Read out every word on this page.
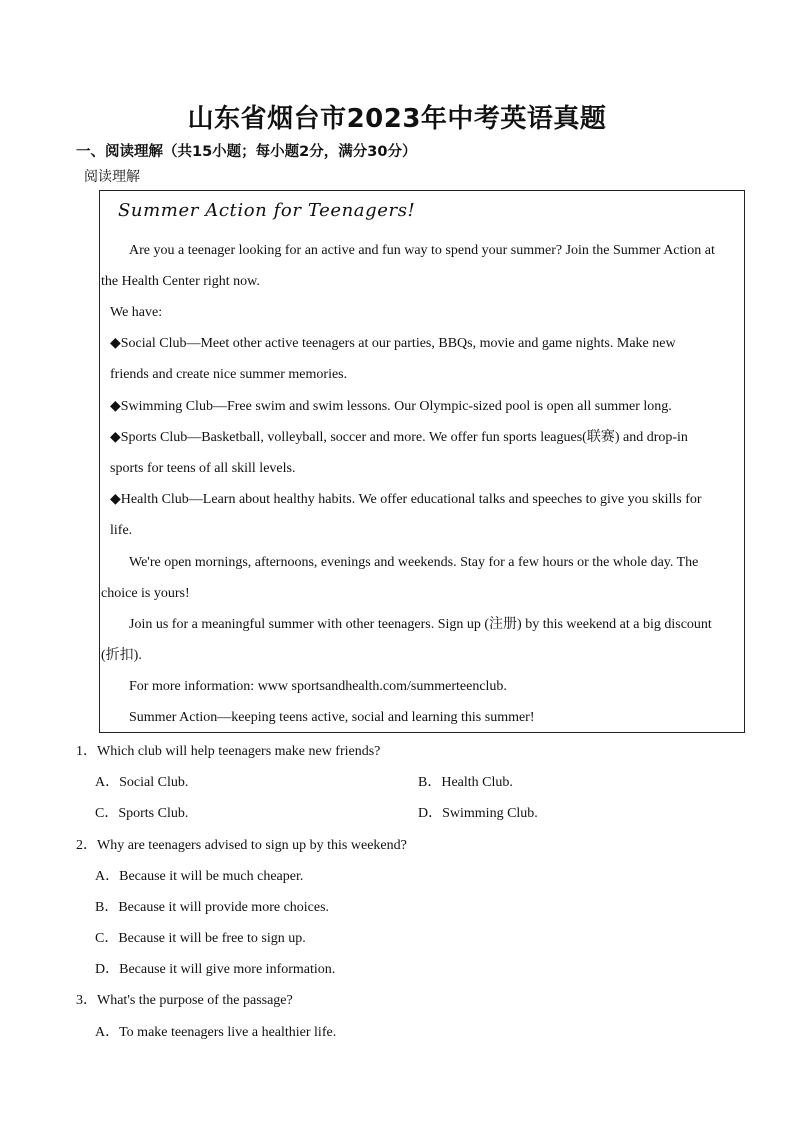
山东省烟台市2023年中考英语真题
一、阅读理解（共15小题；每小题2分，满分30分）
阅读理解
Summer Action for Teenagers!
Are you a teenager looking for an active and fun way to spend your summer? Join the Summer Action at
the Health Center right now.
We have:
◆Social Club—Meet other active teenagers at our parties, BBQs, movie and game nights. Make new
friends and create nice summer memories.
◆Swimming Club—Free swim and swim lessons. Our Olympic-sized pool is open all summer long.
◆Sports Club—Basketball, volleyball, soccer and more. We offer fun sports leagues(联赛) and drop-in
sports for teens of all skill levels.
◆Health Club—Learn about healthy habits. We offer educational talks and speeches to give you skills for
life.
We're open mornings, afternoons, evenings and weekends. Stay for a few hours or the whole day. The
choice is yours!
Join us for a meaningful summer with other teenagers. Sign up (注册) by this weekend at a big discount
(折扣).
For more information: www sportsandhealth.com/summerteenclub.
Summer Action—keeping teens active, social and learning this summer!
1．Which club will help teenagers make new friends?
A．Social Club.	B．Health Club.
C．Sports Club.	D．Swimming Club.
2．Why are teenagers advised to sign up by this weekend?
A．Because it will be much cheaper.
B．Because it will provide more choices.
C．Because it will be free to sign up.
D．Because it will give more information.
3．What's the purpose of the passage?
A．To make teenagers live a healthier life.
